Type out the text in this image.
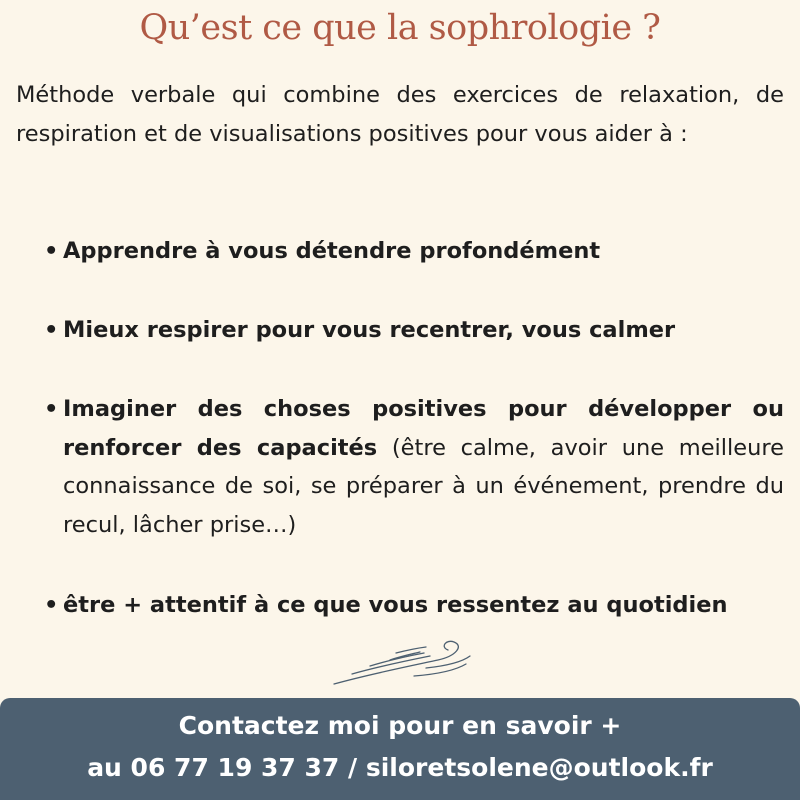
Qu’est ce que la sophrologie ?

Méthode verbale qui combine des exercices de relaxation, de respiration et de visualisations positives pour vous aider à :

• Apprendre à vous détendre profondément
• Mieux respirer pour vous recentrer, vous calmer
• Imaginer des choses positives pour développer ou renforcer des capacités (être calme, avoir une meilleure connaissance de soi, se préparer à un événement, prendre du recul, lâcher prise…)
• être + attentif à ce que vous ressentez au quotidien
Contactez moi pour en savoir +
au 06 77 19 37 37 / siloretsolene@outlook.fr
